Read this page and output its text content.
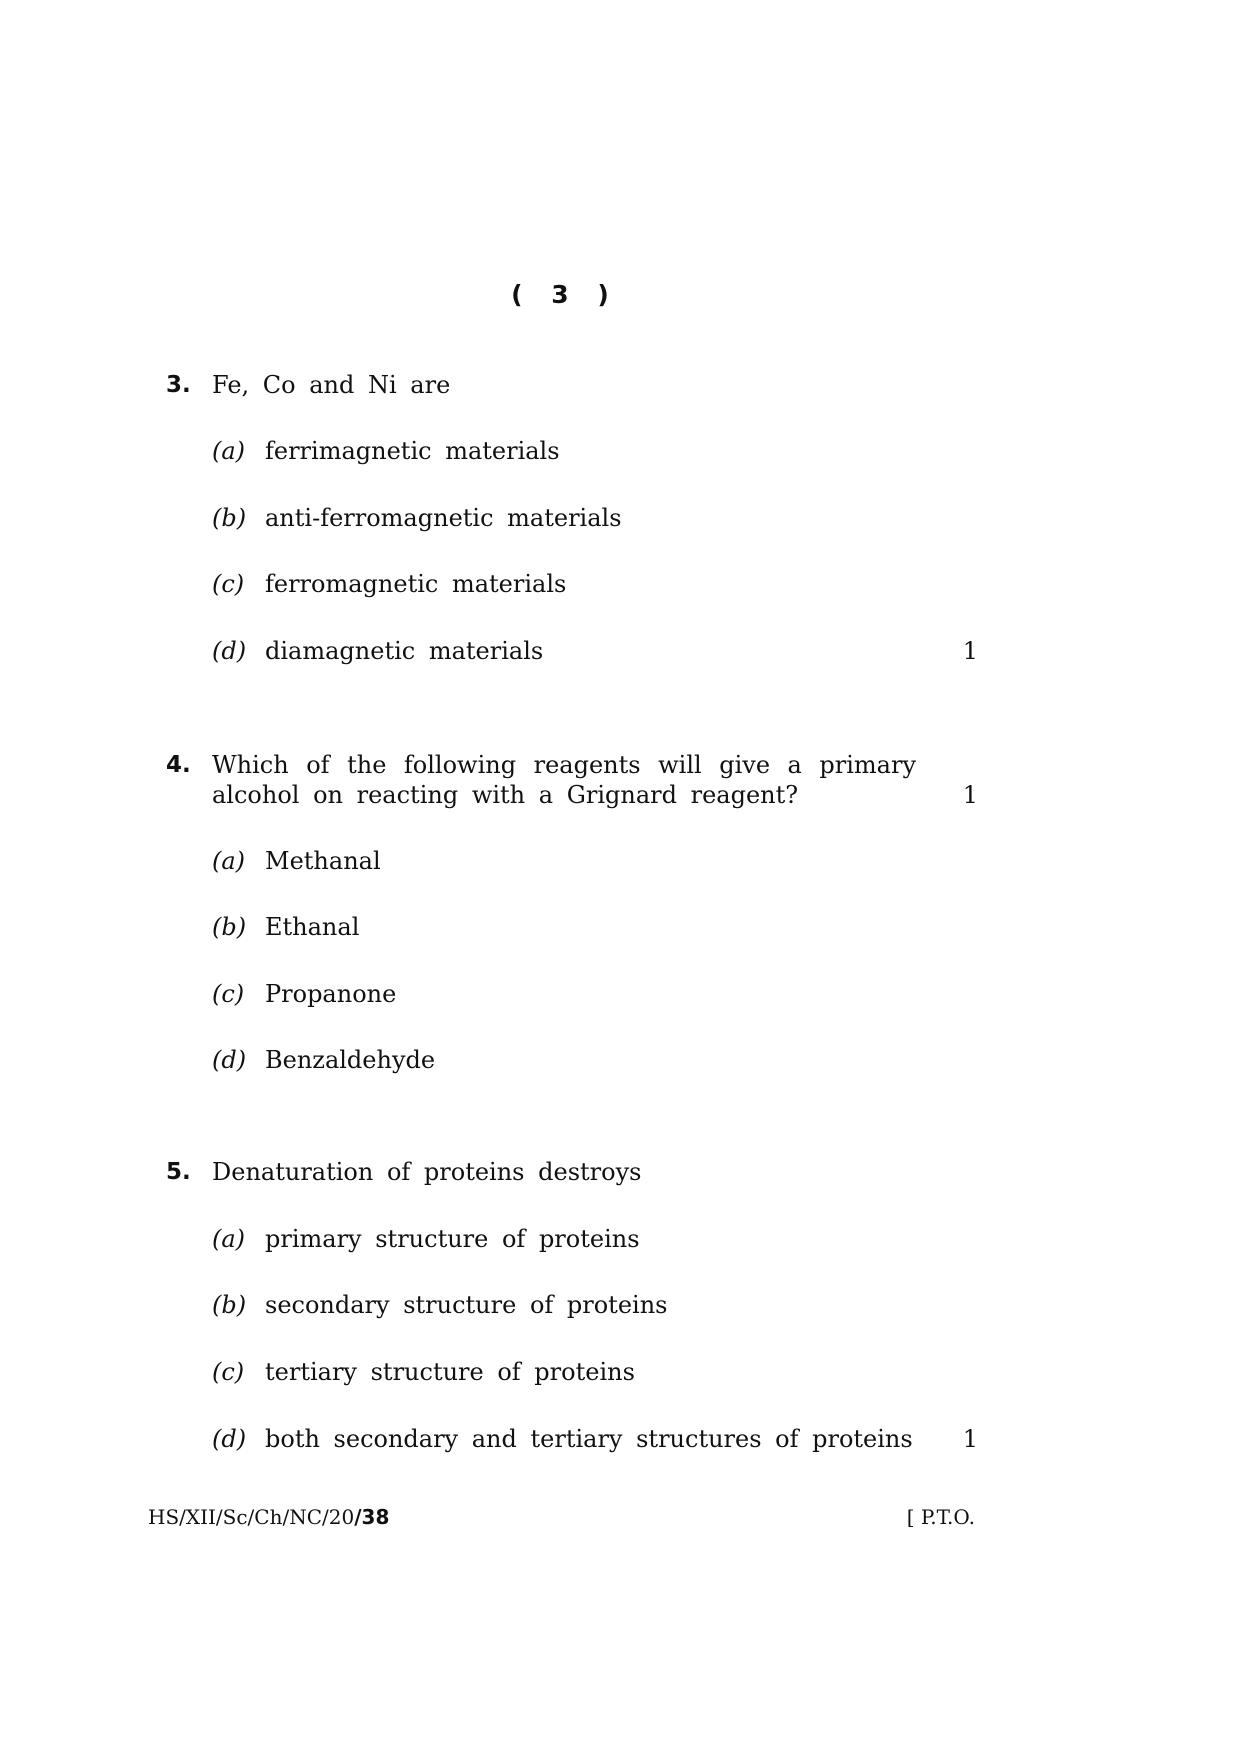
( 3 )
3. Fe, Co and Ni are
(a) ferrimagnetic materials
(b) anti-ferromagnetic materials
(c) ferromagnetic materials
(d) diamagnetic materials	1
4. Which of the following reagents will give a primary
alcohol on reacting with a Grignard reagent?	1
(a) Methanal
(b) Ethanal
(c) Propanone
(d) Benzaldehyde
5. Denaturation of proteins destroys
(a) primary structure of proteins
(b) secondary structure of proteins
(c) tertiary structure of proteins
(d) both secondary and tertiary structures of proteins	1
HS/XII/Sc/Ch/NC/20/38	[ P.T.O.
